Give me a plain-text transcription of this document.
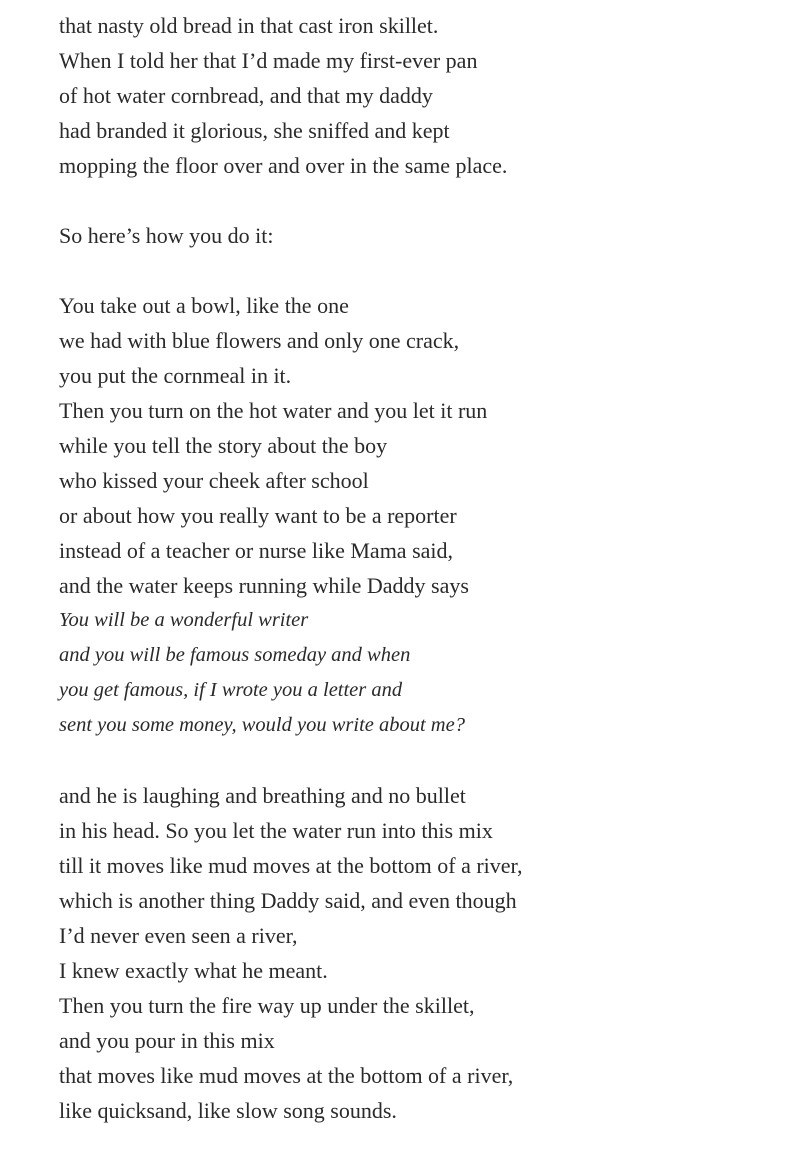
that nasty old bread in that cast iron skillet.
When I told her that I’d made my first-ever pan
of hot water cornbread, and that my daddy
had branded it glorious, she sniffed and kept
mopping the floor over and over in the same place.
So here’s how you do it:
You take out a bowl, like the one
we had with blue flowers and only one crack,
you put the cornmeal in it.
Then you turn on the hot water and you let it run
while you tell the story about the boy
who kissed your cheek after school
or about how you really want to be a reporter
instead of a teacher or nurse like Mama said,
and the water keeps running while Daddy says
You will be a wonderful writer
and you will be famous someday and when
you get famous, if I wrote you a letter and
sent you some money, would you write about me?
and he is laughing and breathing and no bullet
in his head. So you let the water run into this mix
till it moves like mud moves at the bottom of a river,
which is another thing Daddy said, and even though
I’d never even seen a river,
I knew exactly what he meant.
Then you turn the fire way up under the skillet,
and you pour in this mix
that moves like mud moves at the bottom of a river,
like quicksand, like slow song sounds.
